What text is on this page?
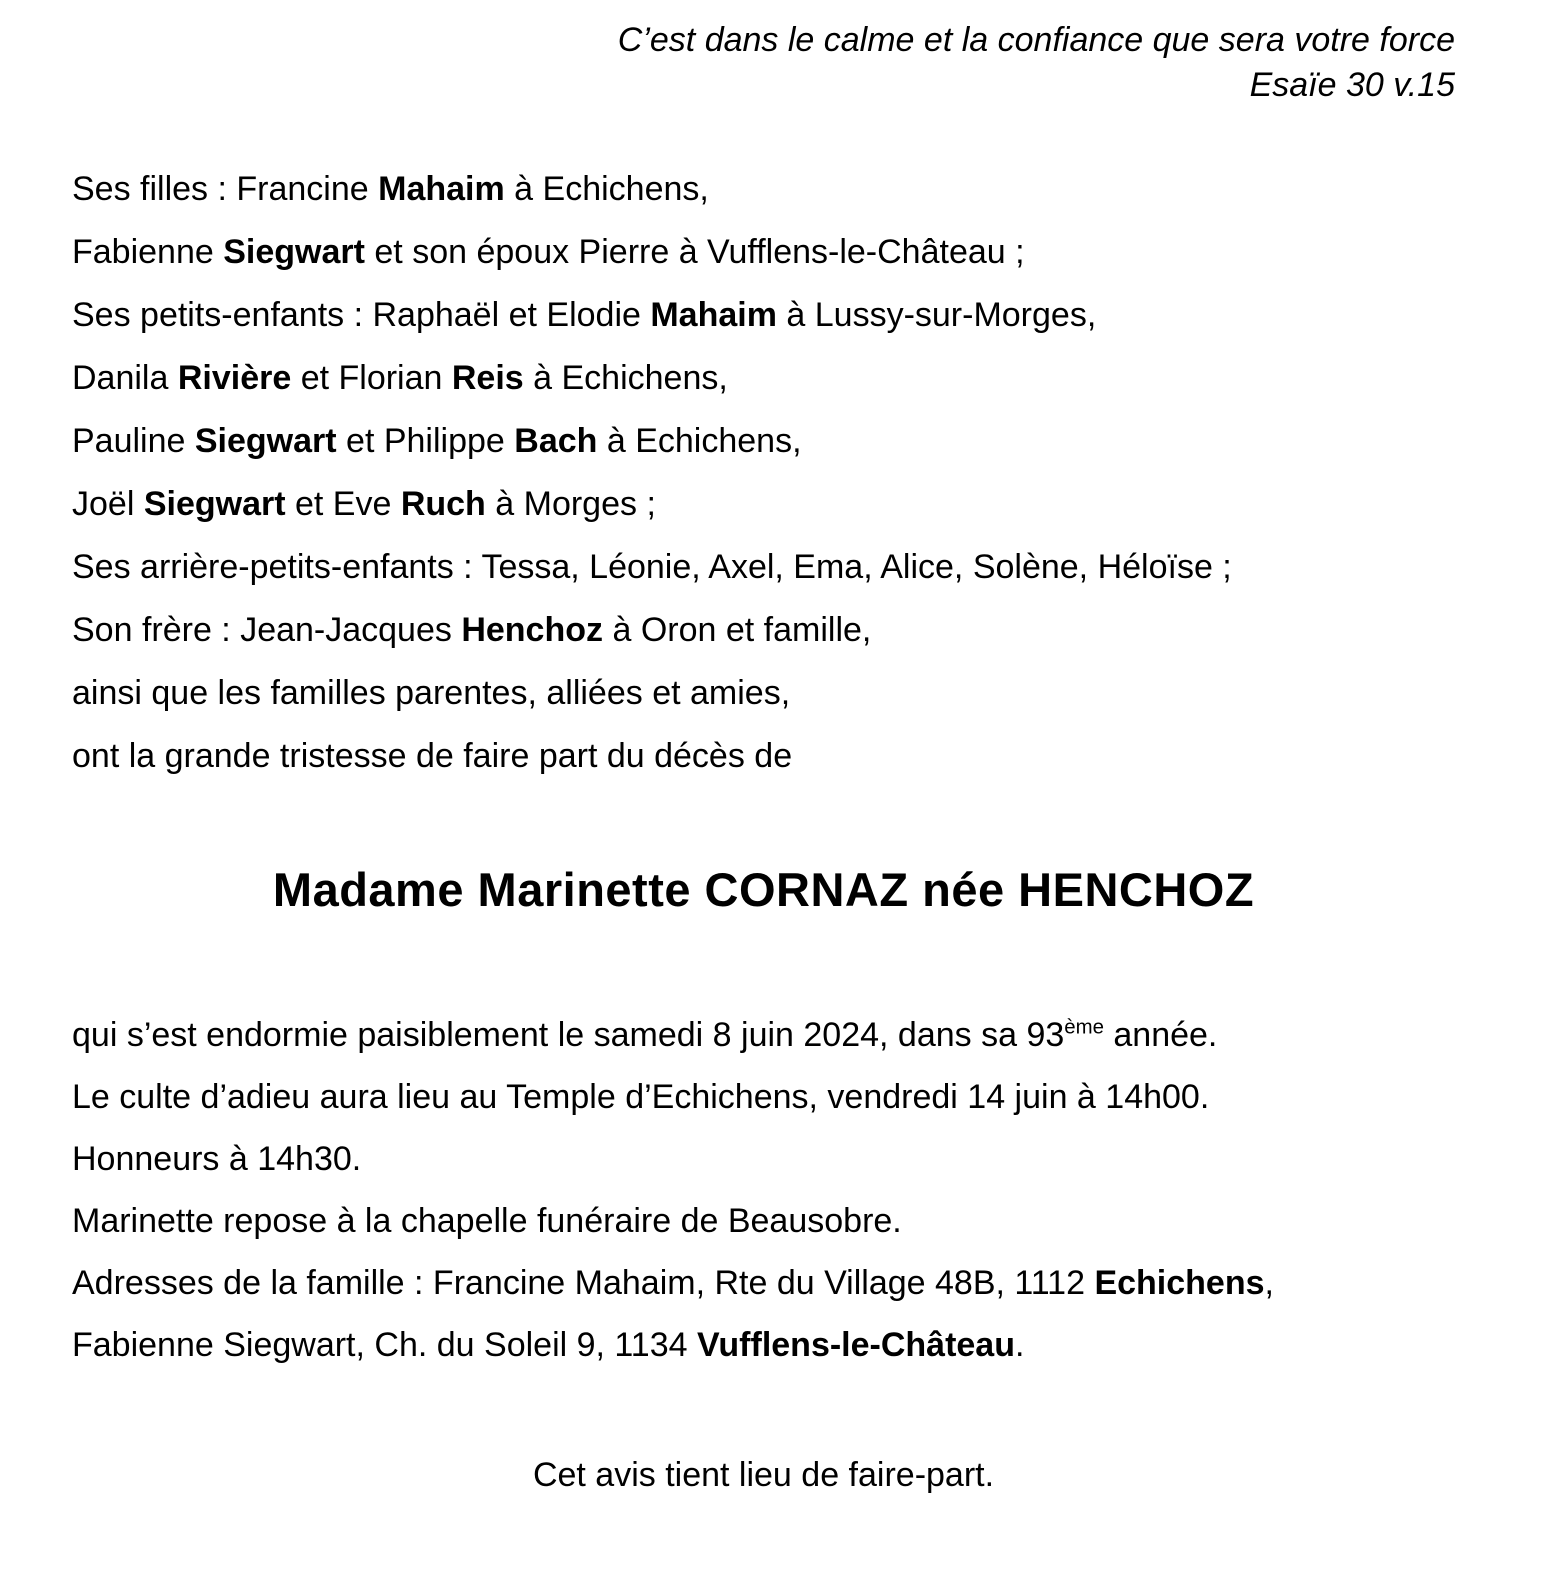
C’est dans le calme et la confiance que sera votre force
Esaïe 30 v.15
Ses filles : Francine Mahaim à Echichens,
Fabienne Siegwart et son époux Pierre à Vufflens-le-Château ;
Ses petits-enfants : Raphaël et Elodie Mahaim à Lussy-sur-Morges,
Danila Rivière et Florian Reis à Echichens,
Pauline Siegwart et Philippe Bach à Echichens,
Joël Siegwart et Eve Ruch à Morges ;
Ses arrière-petits-enfants : Tessa, Léonie, Axel, Ema, Alice, Solène, Héloïse ;
Son frère : Jean-Jacques Henchoz à Oron et famille,
ainsi que les familles parentes, alliées et amies,
ont la grande tristesse de faire part du décès de
Madame Marinette CORNAZ née HENCHOZ
qui s’est endormie paisiblement le samedi 8 juin 2024, dans sa 93ème année.
Le culte d’adieu aura lieu au Temple d’Echichens, vendredi 14 juin à 14h00.
Honneurs à 14h30.
Marinette repose à la chapelle funéraire de Beausobre.
Adresses de la famille : Francine Mahaim, Rte du Village 48B, 1112 Echichens,
Fabienne Siegwart, Ch. du Soleil 9, 1134 Vufflens-le-Château.
Cet avis tient lieu de faire-part.
